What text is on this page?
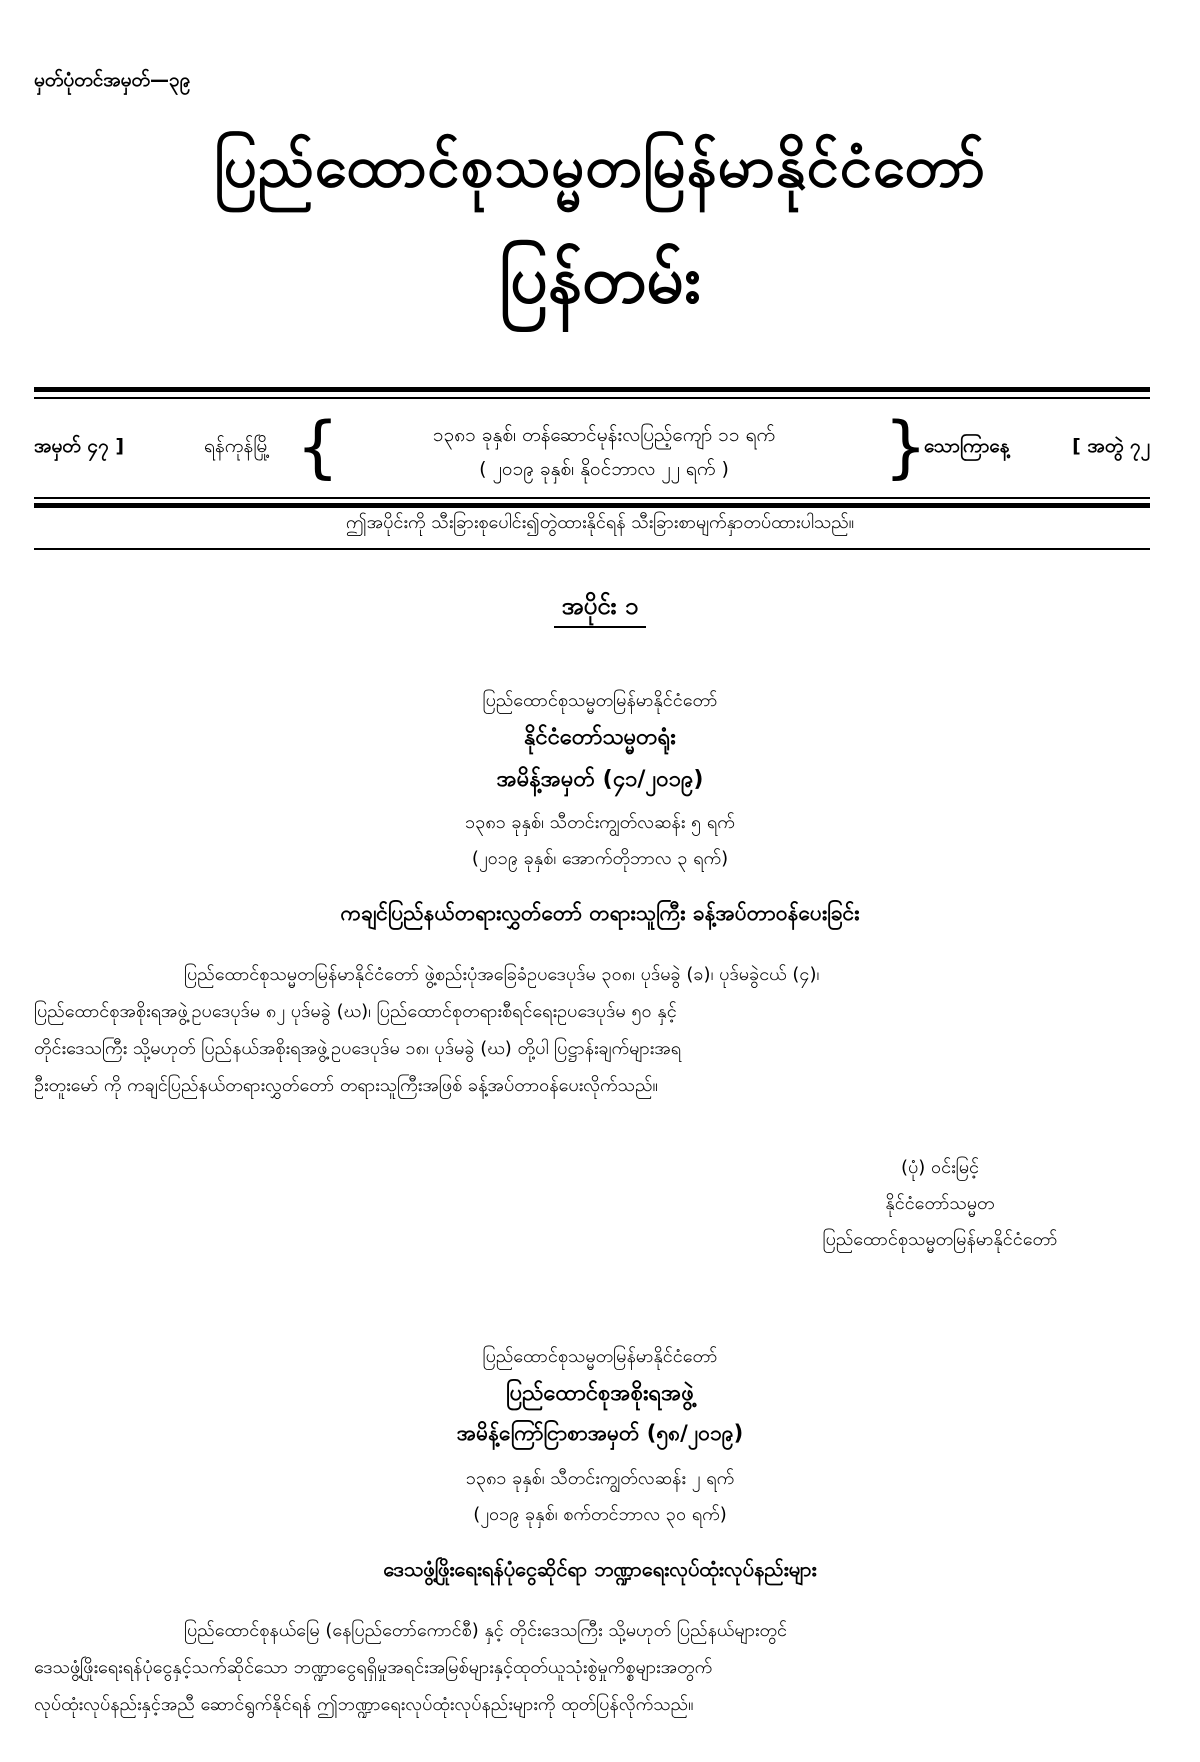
မှတ်ပုံတင်အမှတ်—၃၉
ပြည်ထောင်စုသမ္မတမြန်မာနိုင်ငံတော်
ပြန်တမ်း
အမှတ် ၄၇ ]	ရန်ကုန်မြို့ {	၁၃၈၁ ခုနှစ်၊ တန်ဆောင်မုန်းလပြည့်ကျော် ၁၁ ရက်
( ၂၀၁၉ ခုနှစ်၊ နိုဝင်ဘာလ ၂၂ ရက် )	}
သောကြာနေ့	[ အတွဲ ၇၂
ဤအပိုင်းကို သီးခြားစုပေါင်း၍တွဲထားနိုင်ရန် သီးခြားစာမျက်နှာတပ်ထားပါသည်။
အပိုင်း ၁
ပြည်ထောင်စုသမ္မတမြန်မာနိုင်ငံတော်
နိုင်ငံတော်သမ္မတရုံး
အမိန့်အမှတ် (၄၁/၂၀၁၉)
၁၃၈၁ ခုနှစ်၊ သီတင်းကျွတ်လဆန်း ၅ ရက်
(၂၀၁၉ ခုနှစ်၊ အောက်တိုဘာလ ၃ ရက်)
ကချင်ပြည်နယ်တရားလွှတ်တော် တရားသူကြီး ခန့်အပ်တာဝန်ပေးခြင်း

ပြည်ထောင်စုသမ္မတမြန်မာနိုင်ငံတော် ဖွဲ့စည်းပုံအခြေခံဥပဒေပုဒ်မ ၃၀၈၊ ပုဒ်မခွဲ (ခ)၊ ပုဒ်မခွဲငယ် (၄)၊

ပြည်ထောင်စုအစိုးရအဖွဲ့ဥပဒေပုဒ်မ ၈၂ ပုဒ်မခွဲ (ဃ)၊ ပြည်ထောင်စုတရားစီရင်ရေးဥပဒေပုဒ်မ ၅၀ နှင့်

တိုင်းဒေသကြီး သို့မဟုတ် ပြည်နယ်အစိုးရအဖွဲ့ဥပဒေပုဒ်မ ၁၈၊ ပုဒ်မခွဲ (ဃ) တို့ပါ ပြဋ္ဌာန်းချက်များအရ

ဦးတူးမော် ကို ကချင်ပြည်နယ်တရားလွှတ်တော် တရားသူကြီးအဖြစ် ခန့်အပ်တာဝန်ပေးလိုက်သည်။

(ပုံ) ဝင်းမြင့်
နိုင်ငံတော်သမ္မတ
ပြည်ထောင်စုသမ္မတမြန်မာနိုင်ငံတော်
ပြည်ထောင်စုသမ္မတမြန်မာနိုင်ငံတော်
ပြည်ထောင်စုအစိုးရအဖွဲ့
အမိန့်ကြော်ငြာစာအမှတ် (၅၈/၂၀၁၉)
၁၃၈၁ ခုနှစ်၊ သီတင်းကျွတ်လဆန်း ၂ ရက်
(၂၀၁၉ ခုနှစ်၊ စက်တင်ဘာလ ၃၀ ရက်)
ဒေသဖွံ့ဖြိုးရေးရန်ပုံငွေဆိုင်ရာ ဘဏ္ဍာရေးလုပ်ထုံးလုပ်နည်းများ

ပြည်ထောင်စုနယ်မြေ (နေပြည်တော်ကောင်စီ) နှင့် တိုင်းဒေသကြီး သို့မဟုတ် ပြည်နယ်များတွင်

ဒေသဖွံ့ဖြိုးရေးရန်ပုံငွေနှင့်သက်ဆိုင်သော ဘဏ္ဍာငွေရရှိမှုအရင်းအမြစ်များနှင့်ထုတ်ယူသုံးစွဲမှုကိစ္စများအတွက်

လုပ်ထုံးလုပ်နည်းနှင့်အညီ ဆောင်ရွက်နိုင်ရန် ဤဘဏ္ဍာရေးလုပ်ထုံးလုပ်နည်းများကို ထုတ်ပြန်လိုက်သည်။
